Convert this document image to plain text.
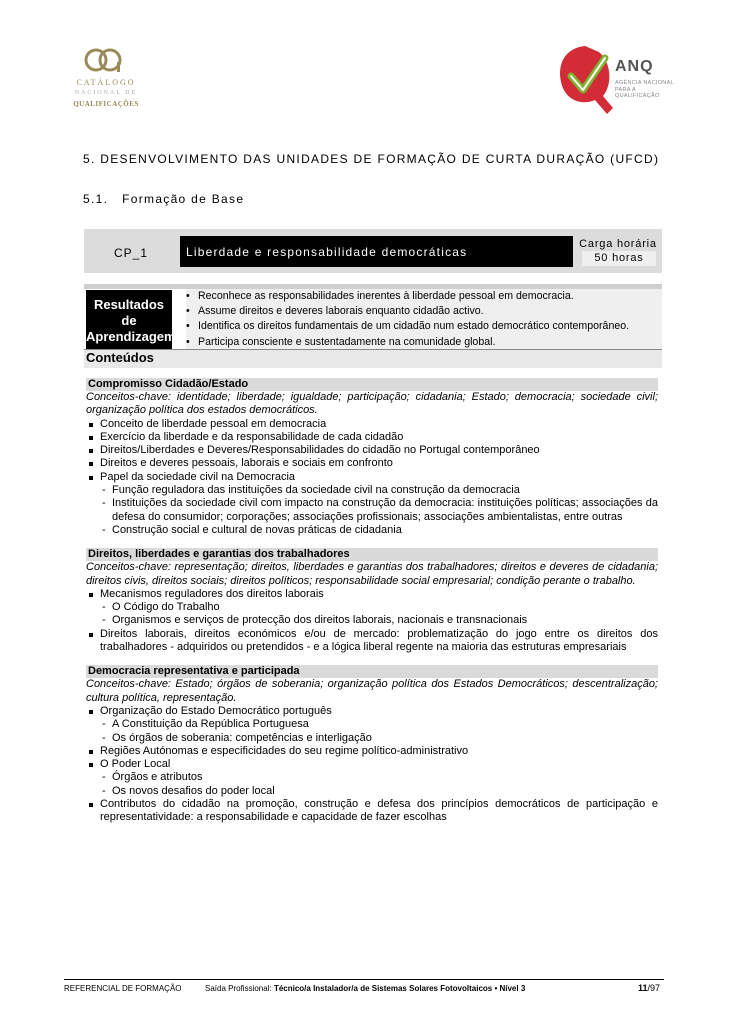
CATÁLOGO
NACIONAL DE
QUALIFICAÇÕES
ANQ
AGÊNCIA NACIONAL
PARA A QUALIFICAÇÃO
5. DESENVOLVIMENTO DAS UNIDADES DE FORMAÇÃO DE CURTA DURAÇÃO (UFCD)
5.1.   Formação de Base
CP_1	Liberdade e responsabilidade democráticas
Carga horária
50 horas
Resultados
de
Aprendizagem
• Reconhece as responsabilidades inerentes à liberdade pessoal em democracia.
• Assume direitos e deveres laborais enquanto cidadão activo.
• Identifica os direitos fundamentais de um cidadão num estado democrático contemporâneo.
• Participa consciente e sustentadamente na comunidade global.
Conteúdos
Compromisso Cidadão/Estado
Conceitos-chave: identidade; liberdade; igualdade; participação; cidadania; Estado; democracia; sociedade civil; organização política dos estados democráticos.
Conceito de liberdade pessoal em democracia
Exercício da liberdade e da responsabilidade de cada cidadão
Direitos/Liberdades e Deveres/Responsabilidades do cidadão no Portugal contemporâneo
Direitos e deveres pessoais, laborais e sociais em confronto
Papel da sociedade civil na Democracia
- Função reguladora das instituições da sociedade civil na construção da democracia
- Instituições da sociedade civil com impacto na construção da democracia: instituições políticas; associações da defesa do consumidor; corporações; associações profissionais; associações ambientalistas, entre outras
- Construção social e cultural de novas práticas de cidadania
Direitos, liberdades e garantias dos trabalhadores
Conceitos-chave: representação; direitos, liberdades e garantias dos trabalhadores; direitos e deveres de cidadania; direitos civis, direitos sociais; direitos políticos; responsabilidade social empresarial; condição perante o trabalho.
Mecanismos reguladores dos direitos laborais
- O Código do Trabalho
- Organismos e serviços de protecção dos direitos laborais, nacionais e transnacionais
Direitos laborais, direitos económicos e/ou de mercado: problematização do jogo entre os direitos dos trabalhadores - adquiridos ou pretendidos - e a lógica liberal regente na maioria das estruturas empresariais
Democracia representativa e participada
Conceitos-chave: Estado; órgãos de soberania; organização política dos Estados Democráticos; descentralização; cultura política, representação.
Organização do Estado Democrático português
- A Constituição da República Portuguesa
- Os órgãos de soberania: competências e interligação
Regiões Autónomas e especificidades do seu regime político-administrativo
O Poder Local
- Órgãos e atributos
- Os novos desafios do poder local
Contributos do cidadão na promoção, construção e defesa dos princípios democráticos de participação e representatividade: a responsabilidade e capacidade de fazer escolhas
REFERENCIAL DE FORMAÇÃO	Saída Profissional: Técnico/a Instalador/a de Sistemas Solares Fotovoltaicos • Nível 3	11/97
